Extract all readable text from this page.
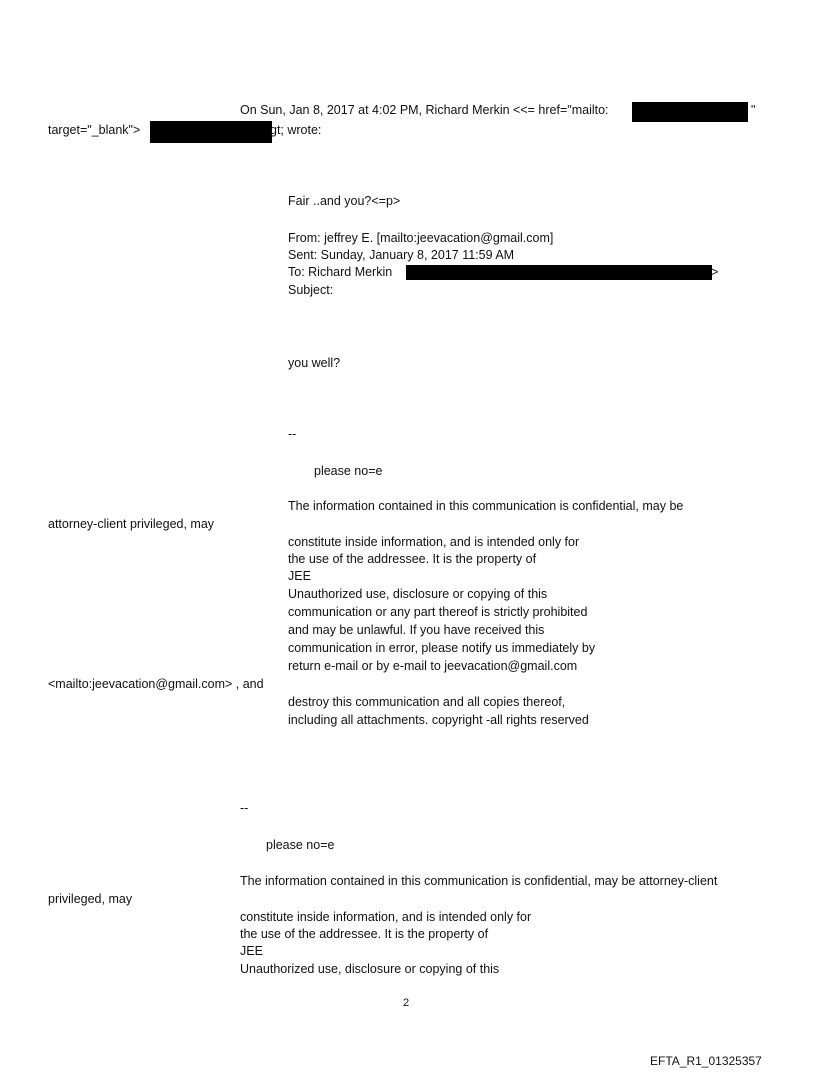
On Sun, Jan 8, 2017 at 4:02 PM, Richard Merkin <<= href="mailto:	"
target="_blank">	gt; wrote:
Fair ..and you?<=p>
From: jeffrey E. [mailto:jeevacation@gmail.com]
Sent: Sunday, January 8, 2017 11:59 AM
To: Richard Merkin	>
Subject:
you well?
--
please no=e
The information contained in this communication is confidential, may be
attorney-client privileged, may
constitute inside information, and is intended only for
the use of the addressee. It is the property of
JEE
Unauthorized use, disclosure or copying of this
communication or any part thereof is strictly prohibited
and may be unlawful. If you have received this
communication in error, please notify us immediately by
return e-mail or by e-mail to jeevacation@gmail.com
<mailto:jeevacation@gmail.com> , and
destroy this communication and all copies thereof,
including all attachments. copyright -all rights reserved
--
please no=e
The information contained in this communication is confidential, may be attorney-client
privileged, may
constitute inside information, and is intended only for
the use of the addressee. It is the property of
JEE
Unauthorized use, disclosure or copying of this
2
EFTA_R1_01325357
